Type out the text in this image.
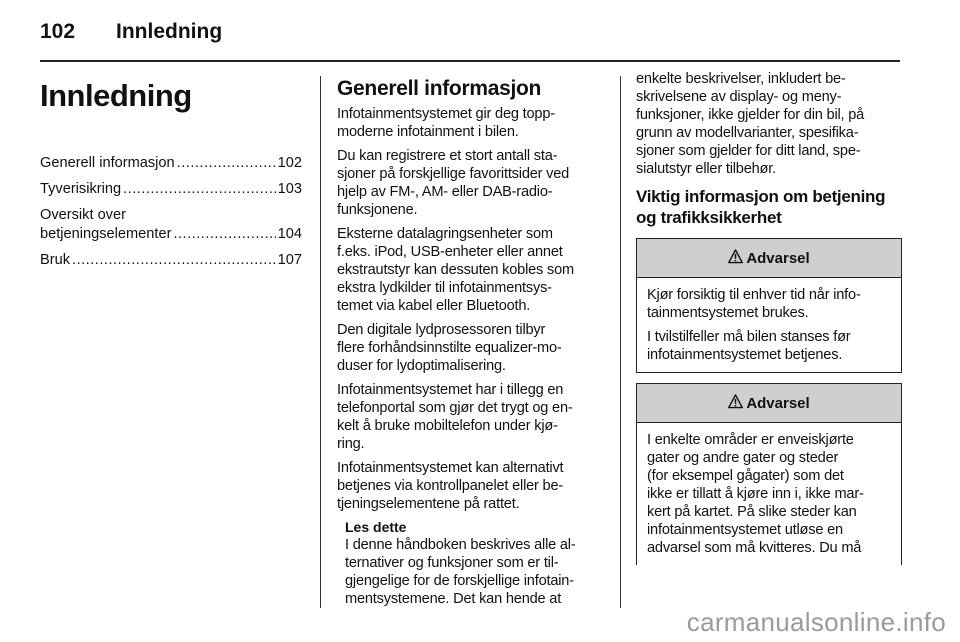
102 Innledning
Innledning
Generell informasjon .....	102
Tyverisikring .....	103
Oversikt over
betjeningselementer .....	104
Bruk .....	107
Generell informasjon

Infotainmentsystemet gir deg topp-
moderne infotainment i bilen.

Du kan registrere et stort antall sta-
sjoner på forskjellige favorittsider ved
hjelp av FM-, AM- eller DAB-radio-
funksjonene.

Eksterne datalagringsenheter som
f.eks. iPod, USB-enheter eller annet
ekstrautstyr kan dessuten kobles som
ekstra lydkilder til infotainmentsys-
temet via kabel eller Bluetooth.

Den digitale lydprosessoren tilbyr
flere forhåndsinnstilte equalizer-mo-
duser for lydoptimalisering.

Infotainmentsystemet har i tillegg en
telefonportal som gjør det trygt og en-
kelt å bruke mobiltelefon under kjø-
ring.

Infotainmentsystemet kan alternativt
betjenes via kontrollpanelet eller be-
tjeningselementene på rattet.

Les dette
I denne håndboken beskrives alle al-
ternativer og funksjoner som er til-
gjengelige for de forskjellige infotain-
mentsystemene. Det kan hende at

enkelte beskrivelser, inkludert be-
skrivelsene av display- og meny-
funksjoner, ikke gjelder for din bil, på
grunn av modellvarianter, spesifika-
sjoner som gjelder for ditt land, spe-
sialutstyr eller tilbehør.

Viktig informasjon om betjening
og trafikksikkerhet
Advarsel

Kjør forsiktig til enhver tid når info-
tainmentsystemet brukes.

I tvilstilfeller må bilen stanses før
infotainmentsystemet betjenes.

Advarsel

I enkelte områder er enveiskjørte
gater og andre gater og steder
(for eksempel gågater) som det
ikke er tillatt å kjøre inn i, ikke mar-
kert på kartet. På slike steder kan
infotainmentsystemet utløse en
advarsel som må kvitteres. Du må

carmanualsonline.info
